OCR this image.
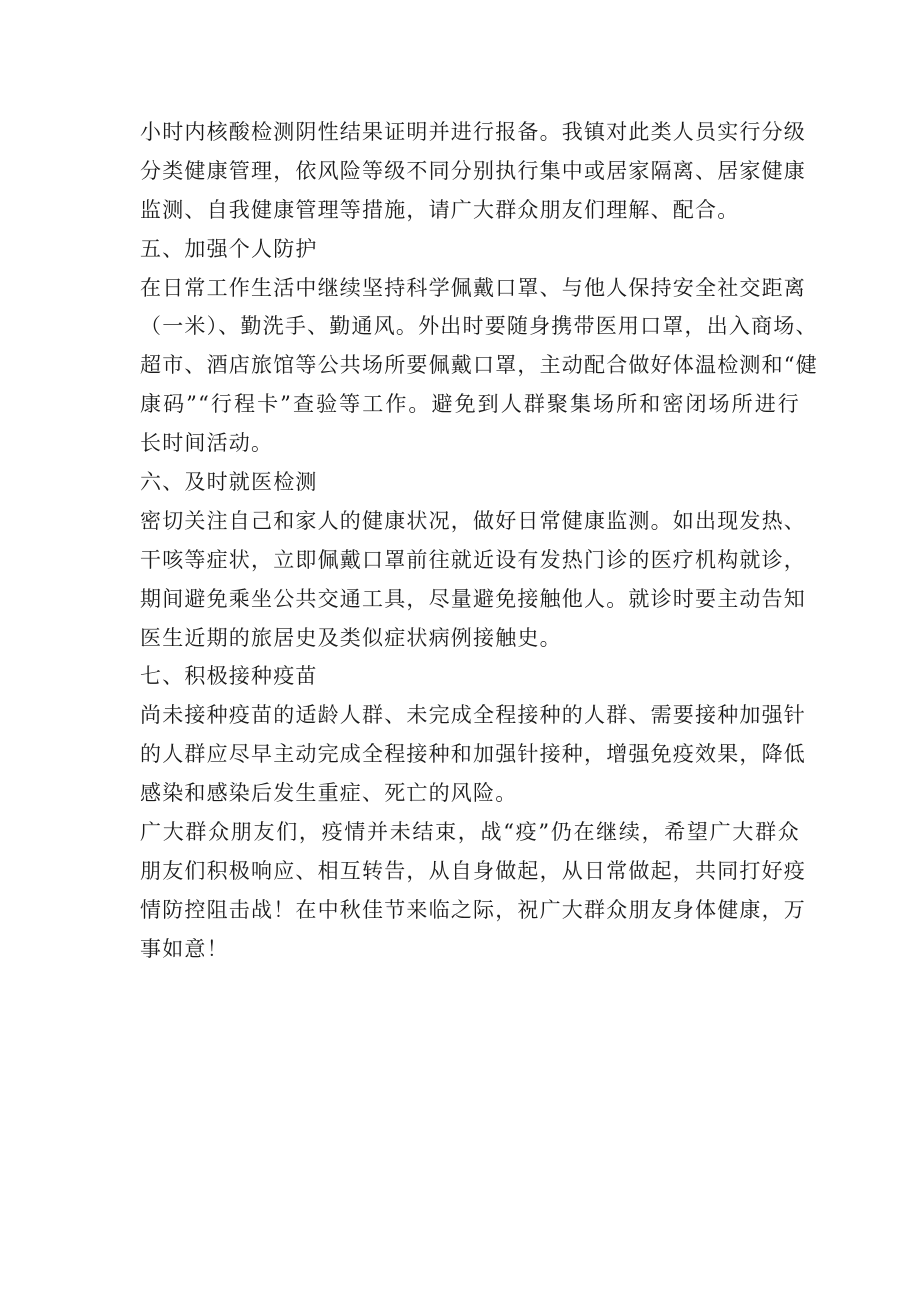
小时内核酸检测阴性结果证明并进行报备。我镇对此类人员实行分级
分类健康管理，依风险等级不同分别执行集中或居家隔离、居家健康
监测、自我健康管理等措施，请广大群众朋友们理解、配合。
五、加强个人防护
在日常工作生活中继续坚持科学佩戴口罩、与他人保持安全社交距离
（一米）、勤洗手、勤通风。外出时要随身携带医用口罩，出入商场、
超市、酒店旅馆等公共场所要佩戴口罩，主动配合做好体温检测和“健
康码”“行程卡”查验等工作。避免到人群聚集场所和密闭场所进行
长时间活动。
六、及时就医检测
密切关注自己和家人的健康状况，做好日常健康监测。如出现发热、
干咳等症状，立即佩戴口罩前往就近设有发热门诊的医疗机构就诊，
期间避免乘坐公共交通工具，尽量避免接触他人。就诊时要主动告知
医生近期的旅居史及类似症状病例接触史。
七、积极接种疫苗
尚未接种疫苗的适龄人群、未完成全程接种的人群、需要接种加强针
的人群应尽早主动完成全程接种和加强针接种，增强免疫效果，降低
感染和感染后发生重症、死亡的风险。
广大群众朋友们，疫情并未结束，战“疫”仍在继续，希望广大群众
朋友们积极响应、相互转告，从自身做起，从日常做起，共同打好疫
情防控阻击战！在中秋佳节来临之际，祝广大群众朋友身体健康，万
事如意！
